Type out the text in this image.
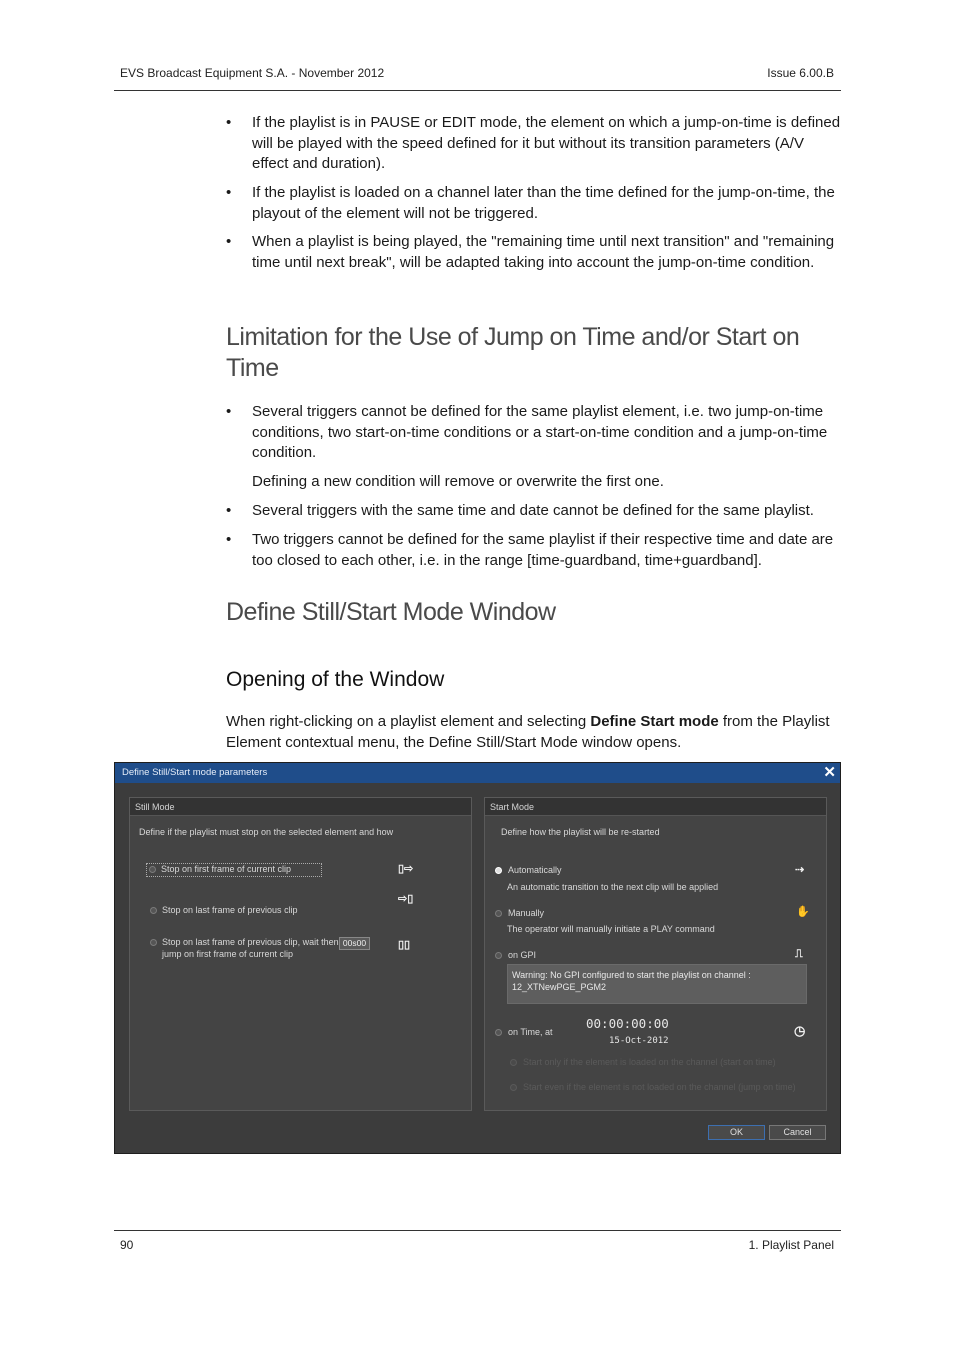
EVS Broadcast Equipment S.A. - November 2012	Issue 6.00.B
• If the playlist is in PAUSE or EDIT mode, the element on which a jump-on-time is defined will be played with the speed defined for it but without its transition parameters (A/V effect and duration).
• If the playlist is loaded on a channel later than the time defined for the jump-on-time, the playout of the element will not be triggered.
• When a playlist is being played, the "remaining time until next transition" and "remaining time until next break", will be adapted taking into account the jump-on-time condition.
Limitation for the Use of Jump on Time and/or Start on Time
• Several triggers cannot be defined for the same playlist element, i.e. two jump-on-time conditions, two start-on-time conditions or a start-on-time condition and a jump-on-time condition.
Defining a new condition will remove or overwrite the first one.
• Several triggers with the same time and date cannot be defined for the same playlist.
• Two triggers cannot be defined for the same playlist if their respective time and date are too closed to each other, i.e. in the range [time-guardband, time+guardband].
Define Still/Start Mode Window
Opening of the Window
When right-clicking on a playlist element and selecting Define Start mode from the Playlist Element contextual menu, the Define Still/Start Mode window opens.
Define Still/Start mode parameters	✕
Still Mode
Define if the playlist must stop on the selected element and how
Stop on first frame of current clip	▯⇨
⇨▯
Stop on last frame of previous clip
Stop on last frame of previous clip, wait then
jump on first frame of current clip
00s00	▯▯
Start Mode
Define how the playlist will be re-started
Automatically
An automatic transition to the next clip will be applied
⇢
Manually
The operator will manually initiate a PLAY command
✋
on GPI	⎍
Warning: No GPI configured to start the playlist on channel :
12_XTNewPGE_PGM2
on Time, at
00:00:00:00
15-Oct-2012
◷
Start only if the element is loaded on the channel (start on time)
Start even if the element is not loaded on the channel (jump on time)
OK	Cancel
90	1. Playlist Panel
